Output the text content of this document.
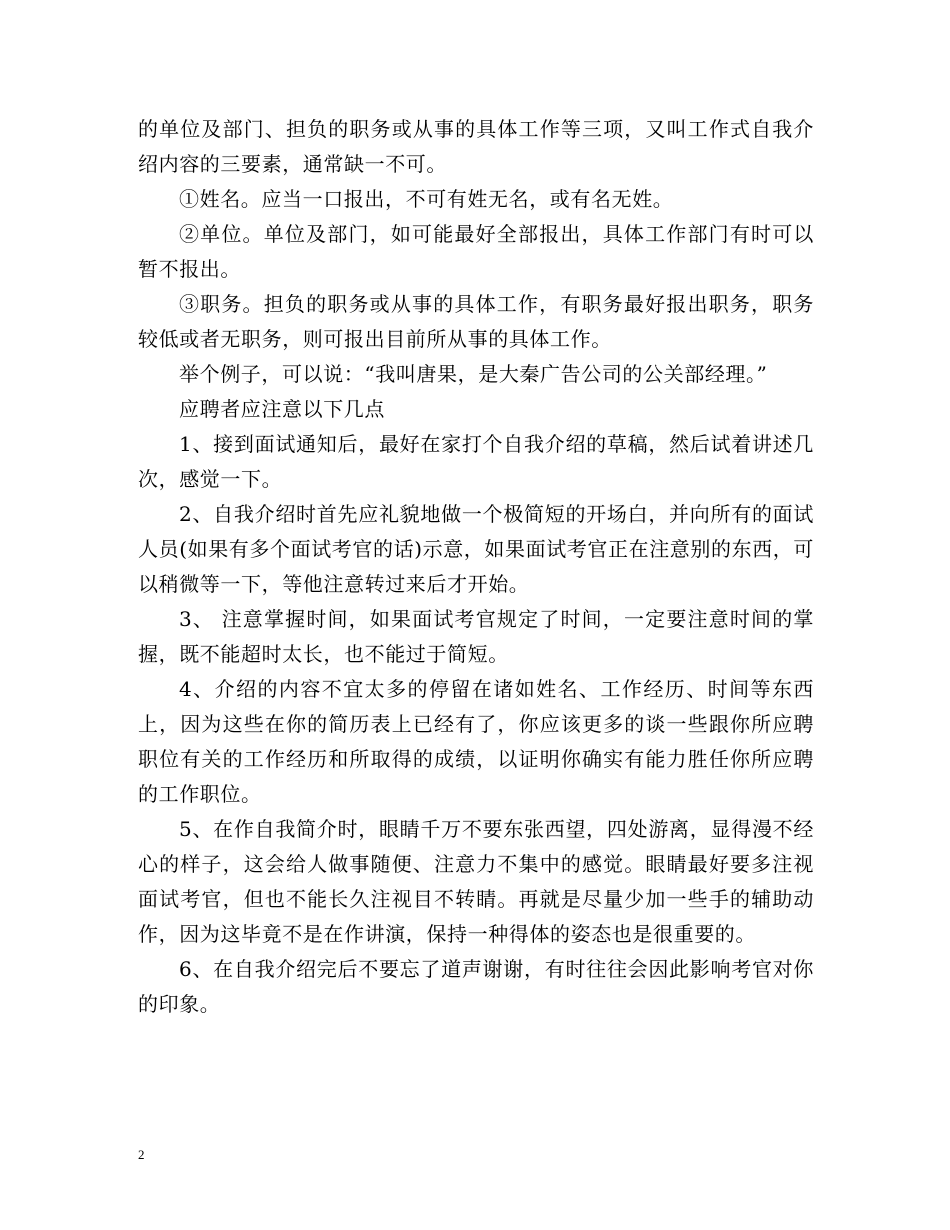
的单位及部门、担负的职务或从事的具体工作等三项，又叫工作式自我介绍内容的三要素，通常缺一不可。

①姓名。应当一口报出，不可有姓无名，或有名无姓。

②单位。单位及部门，如可能最好全部报出，具体工作部门有时可以暂不报出。

③职务。担负的职务或从事的具体工作，有职务最好报出职务，职务较低或者无职务，则可报出目前所从事的具体工作。

举个例子，可以说：“我叫唐果，是大秦广告公司的公关部经理。”

应聘者应注意以下几点

1、接到面试通知后，最好在家打个自我介绍的草稿，然后试着讲述几次，感觉一下。

2、自我介绍时首先应礼貌地做一个极简短的开场白，并向所有的面试人员(如果有多个面试考官的话)示意，如果面试考官正在注意别的东西，可以稍微等一下，等他注意转过来后才开始。

3、 注意掌握时间，如果面试考官规定了时间，一定要注意时间的掌握，既不能超时太长，也不能过于简短。

4、介绍的内容不宜太多的停留在诸如姓名、工作经历、时间等东西上，因为这些在你的简历表上已经有了，你应该更多的谈一些跟你所应聘职位有关的工作经历和所取得的成绩，以证明你确实有能力胜任你所应聘的工作职位。

5、在作自我简介时，眼睛千万不要东张西望，四处游离，显得漫不经心的样子，这会给人做事随便、注意力不集中的感觉。眼睛最好要多注视面试考官，但也不能长久注视目不转睛。再就是尽量少加一些手的辅助动作，因为这毕竟不是在作讲演，保持一种得体的姿态也是很重要的。

6、在自我介绍完后不要忘了道声谢谢，有时往往会因此影响考官对你的印象。

2
